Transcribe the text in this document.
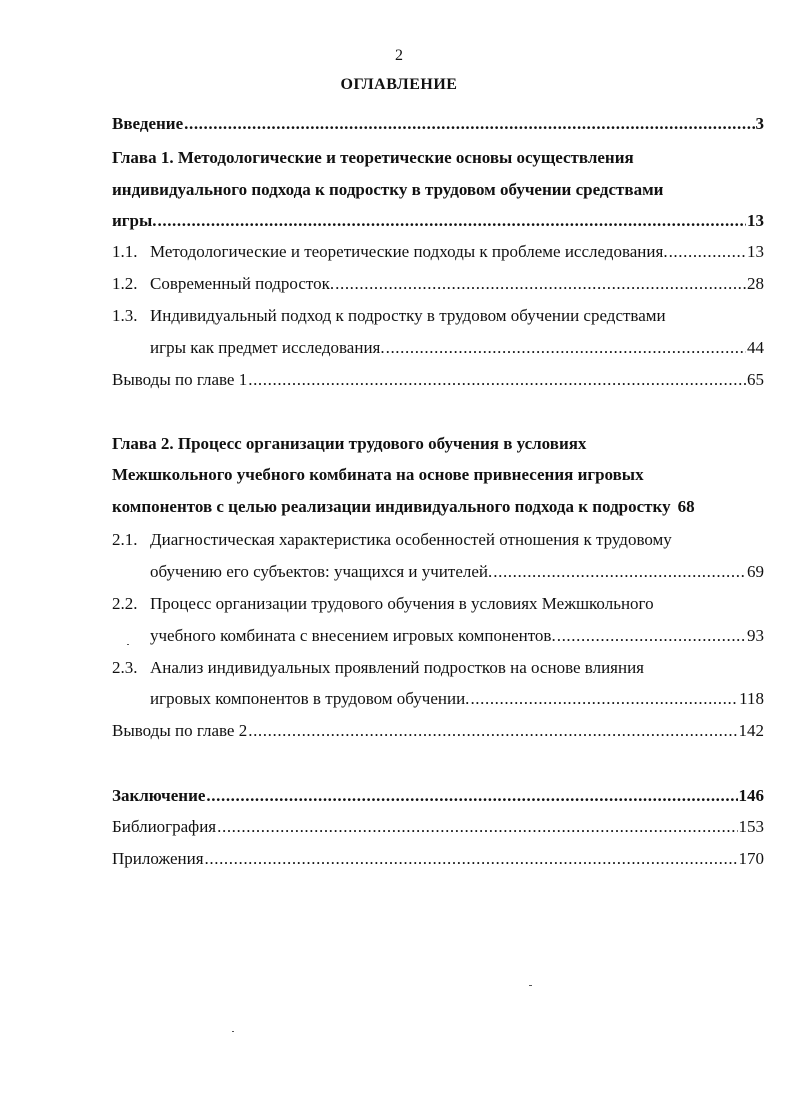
2
ОГЛАВЛЕНИЕ
Введение .....	3
Глава 1. Методологические и теоретические основы осуществления
индивидуального подхода к подростку в трудовом обучении средствами
игры. .....	13
1.1. Методологические и теоретические подходы к проблеме исследования. .....	13
1.2. Современный подросток. .....	28
1.3. Индивидуальный подход к подростку в трудовом обучении средствами
игры как предмет исследования. .....	44
Выводы по главе 1 .....	65
Глава 2. Процесс организации трудового обучения в условиях
Межшкольного учебного комбината на основе привнесения игровых
компонентов с целью реализации индивидуального подхода к подростку 68
2.1. Диагностическая характеристика особенностей отношения к трудовому
обучению его субъектов: учащихся и учителей. .....	69
2.2. Процесс организации трудового обучения в условиях Межшкольного
учебного комбината с внесением игровых компонентов. .....	93
2.3. Анализ индивидуальных проявлений подростков на основе влияния
игровых компонентов в трудовом обучении. .....	118
Выводы по главе 2 .....	142
Заключение .....	146
Библиография .....	153
Приложения .....	170
